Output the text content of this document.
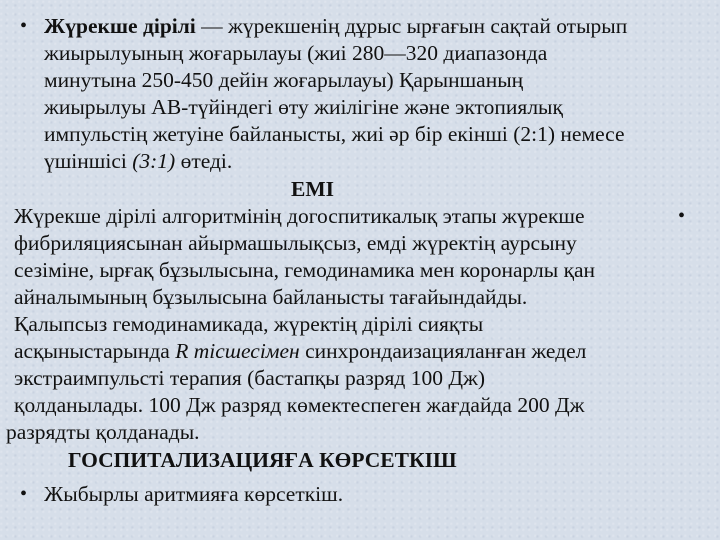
• Жүрекше дірілі — жүрекшенің дұрыс ырғағын сақтай отырып
жиырылуының жоғарылауы (жиі 280—320 диапазонда
минутына 250-450 дейін жоғарылауы) Қарыншаның
жиырылуы АВ-түйіндегі өту жиілігіне және эктопиялық
импульстің жетуіне байланысты, жиі әр бір екінші (2:1) немесе
үшіншісі (3:1) өтеді.
ЕМІ
Жүрекше дірілі алгоритмінің догоспитикалық этапы жүрекше	•
фибриляциясынан айырмашылықсыз, емді жүректің аурсыну
сезіміне, ырғақ бұзылысына, гемодинамика мен коронарлы қан
айналымының бұзылысына байланысты тағайындайды.
Қалыпсыз гемодинамикада, жүректің дірілі сияқты
асқыныстарында R тісшесімен синхрондаизацияланған жедел
экстраимпульсті терапия (бастапқы разряд 100 Дж)
қолданылады. 100 Дж разряд көмектеспеген жағдайда 200 Дж
разрядты қолданады.
ГОСПИТАЛИЗАЦИЯҒА КӨРСЕТКІШ
• Жыбырлы аритмияға көрсеткіш.
